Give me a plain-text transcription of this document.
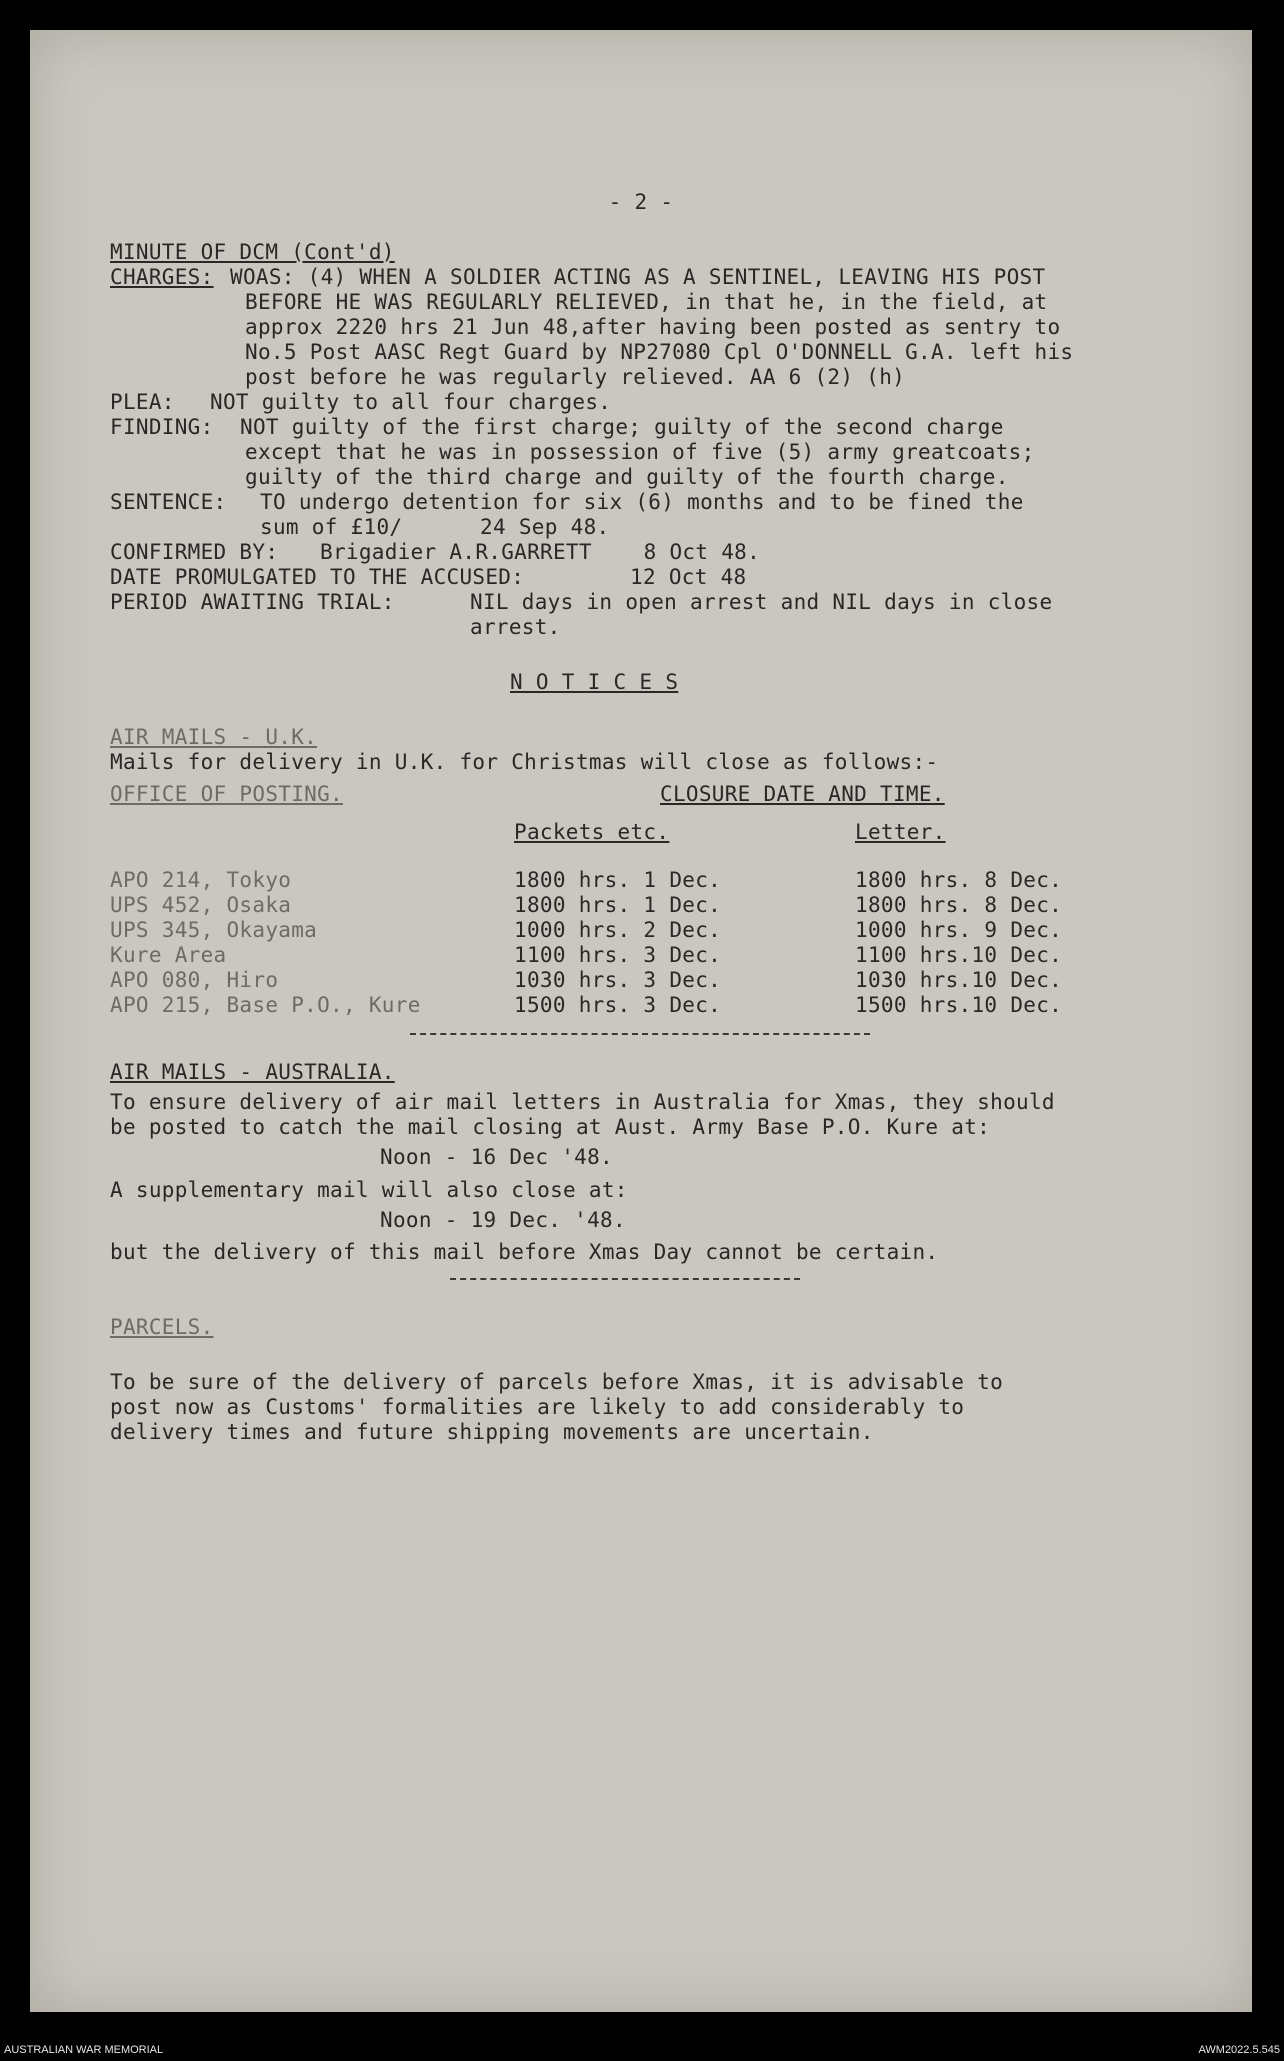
- 2 -
MINUTE OF DCM (Cont'd)
CHARGES: WOAS: (4) WHEN A SOLDIER ACTING AS A SENTINEL, LEAVING HIS POST
BEFORE HE WAS REGULARLY RELIEVED, in that he, in the field, at
approx 2220 hrs 21 Jun 48,after having been posted as sentry to
No.5 Post AASC Regt Guard by NP27080 Cpl O'DONNELL G.A. left his
post before he was regularly relieved. AA 6 (2) (h)
PLEA: NOT guilty to all four charges.
FINDING: NOT guilty of the first charge; guilty of the second charge
except that he was in possession of five (5) army greatcoats;
guilty of the third charge and guilty of the fourth charge.
SENTENCE: TO undergo detention for six (6) months and to be fined the
sum of £10/      24 Sep 48.
CONFIRMED BY: Brigadier A.R.GARRETT    8 Oct 48.
DATE PROMULGATED TO THE ACCUSED:	12 Oct 48
PERIOD AWAITING TRIAL:	NIL days in open arrest and NIL days in close
arrest.
N O T I C E S
AIR MAILS - U.K.
Mails for delivery in U.K. for Christmas will close as follows:-
OFFICE OF POSTING.	CLOSURE DATE AND TIME.
Packets etc.	Letter.
APO 214, Tokyo	1800 hrs. 1 Dec.	1800 hrs. 8 Dec.
UPS 452, Osaka	1800 hrs. 1 Dec.	1800 hrs. 8 Dec.
UPS 345, Okayama	1000 hrs. 2 Dec.	1000 hrs. 9 Dec.
Kure Area	1100 hrs. 3 Dec.	1100 hrs.10 Dec.
APO 080, Hiro	1030 hrs. 3 Dec.	1030 hrs.10 Dec.
APO 215, Base P.O., Kure	1500 hrs. 3 Dec.	1500 hrs.10 Dec.
AIR MAILS - AUSTRALIA.
To ensure delivery of air mail letters in Australia for Xmas, they should
be posted to catch the mail closing at Aust. Army Base P.O. Kure at:
Noon - 16 Dec '48.
A supplementary mail will also close at:
Noon - 19 Dec. '48.
but the delivery of this mail before Xmas Day cannot be certain.
PARCELS.
To be sure of the delivery of parcels before Xmas, it is advisable to
post now as Customs' formalities are likely to add considerably to
delivery times and future shipping movements are uncertain.
AUSTRALIAN WAR MEMORIAL	AWM2022.5.545
